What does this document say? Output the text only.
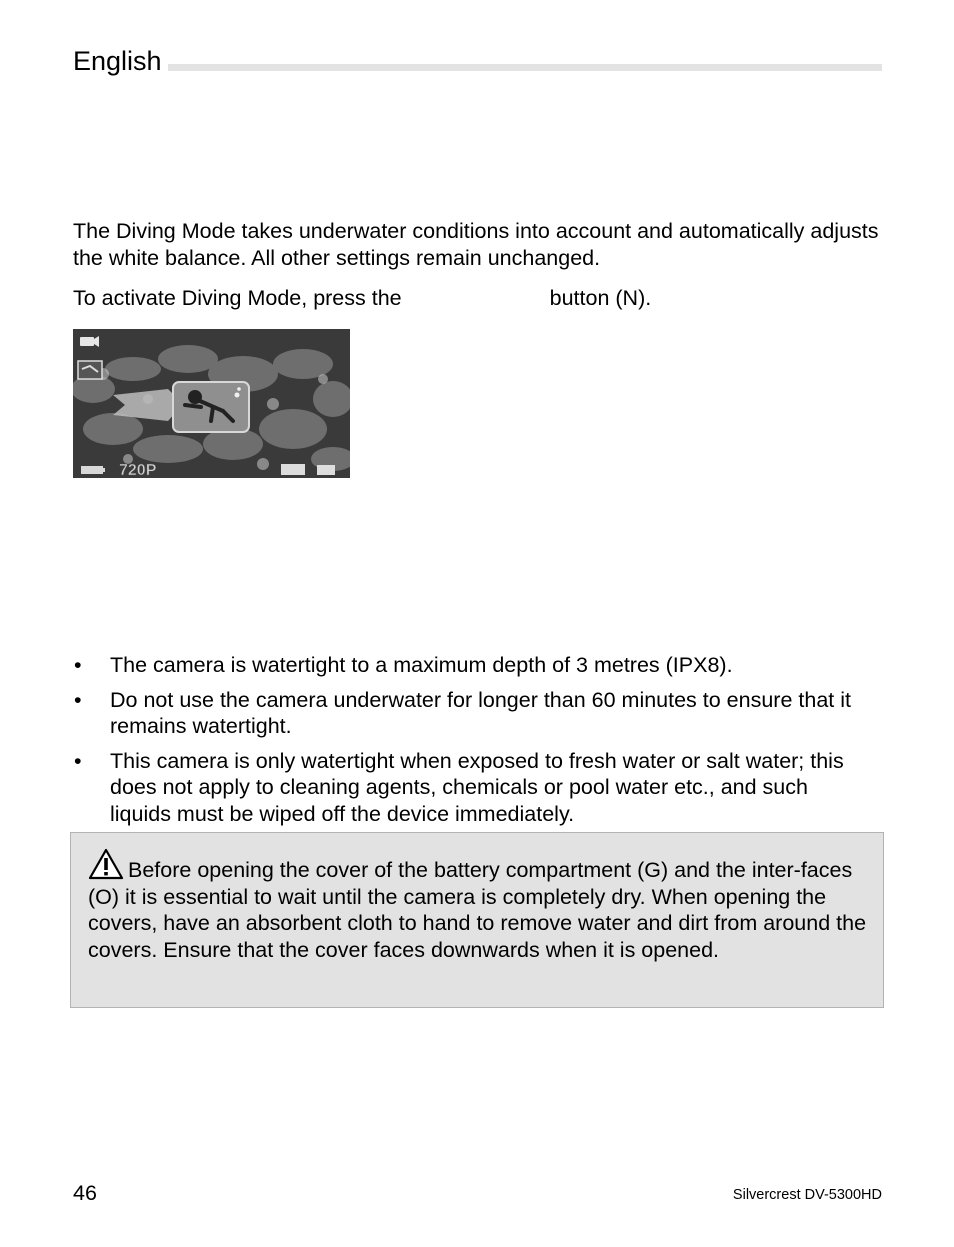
English
The Diving Mode takes underwater conditions into account and automatically adjusts the white balance. All other settings remain unchanged.
To activate Diving Mode, press the	button (N).
720P
• The camera is watertight to a maximum depth of 3 metres (IPX8).
• Do not use the camera underwater for longer than 60 minutes to ensure that it remains watertight.
• This camera is only watertight when exposed to fresh water or salt water; this does not apply to cleaning agents, chemicals or pool water etc., and such liquids must be wiped off the device immediately.
Before opening the cover of the battery compartment (G) and the inter-faces (O) it is essential to wait until the camera is completely dry. When opening the covers, have an absorbent cloth to hand to remove water and dirt from around the covers. Ensure that the cover faces downwards when it is opened.
46	Silvercrest DV-5300HD
